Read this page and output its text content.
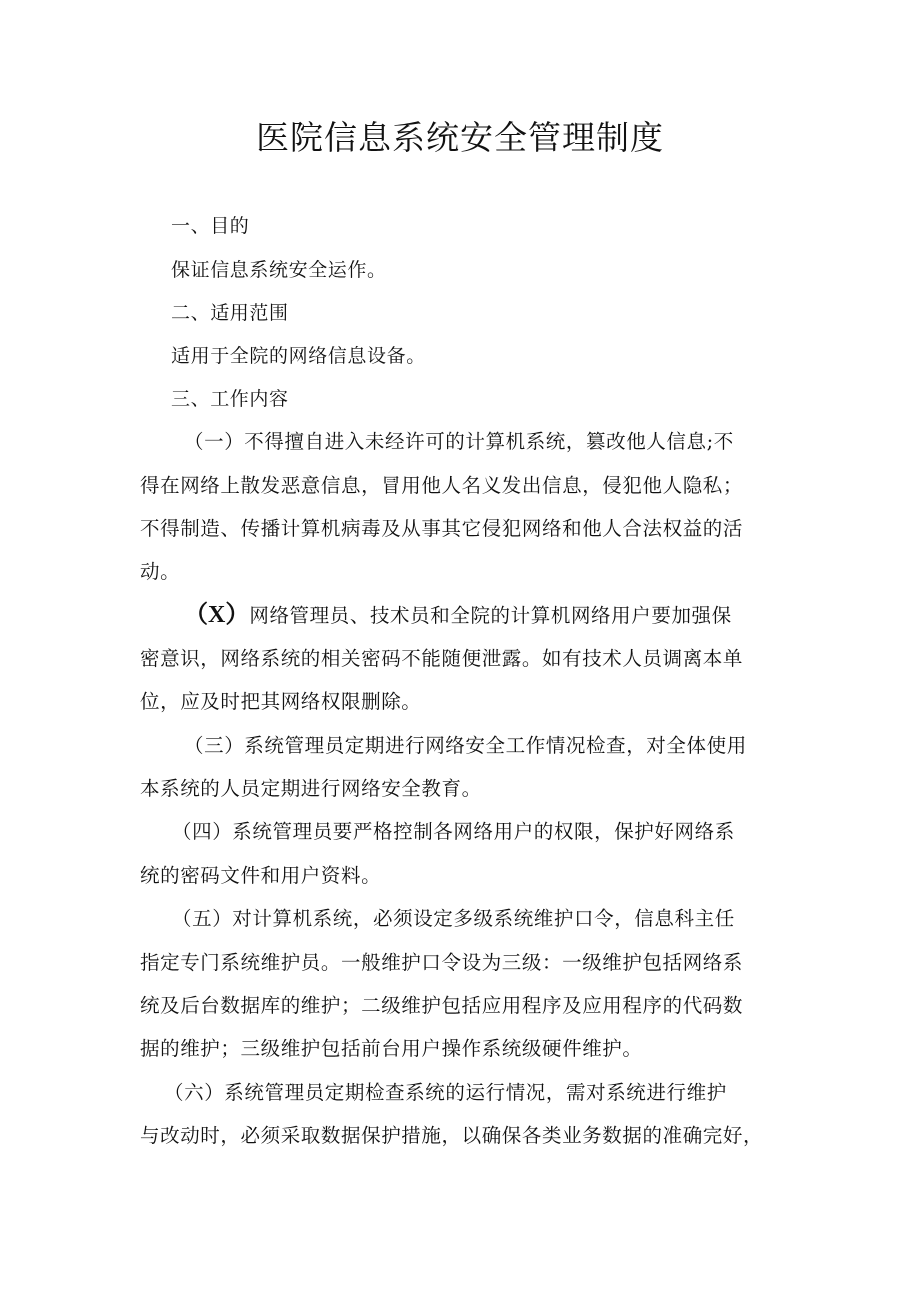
医院信息系统安全管理制度

一、目的

保证信息系统安全运作。

二、适用范围

适用于全院的网络信息设备。

三、工作内容

（一）不得擅自进入未经许可的计算机系统，篡改他人信息;不

得在网络上散发恶意信息，冒用他人名义发出信息，侵犯他人隐私；

不得制造、传播计算机病毒及从事其它侵犯网络和他人合法权益的活

动。

（X）网络管理员、技术员和全院的计算机网络用户要加强保

密意识，网络系统的相关密码不能随便泄露。如有技术人员调离本单

位，应及时把其网络权限删除。

（三）系统管理员定期进行网络安全工作情况检查，对全体使用

本系统的人员定期进行网络安全教育。

（四）系统管理员要严格控制各网络用户的权限，保护好网络系

统的密码文件和用户资料。

（五）对计算机系统，必须设定多级系统维护口令，信息科主任

指定专门系统维护员。一般维护口令设为三级：一级维护包括网络系

统及后台数据库的维护；二级维护包括应用程序及应用程序的代码数

据的维护；三级维护包括前台用户操作系统级硬件维护。

（六）系统管理员定期检查系统的运行情况，需对系统进行维护

与改动时，必须采取数据保护措施，以确保各类业务数据的准确完好，
